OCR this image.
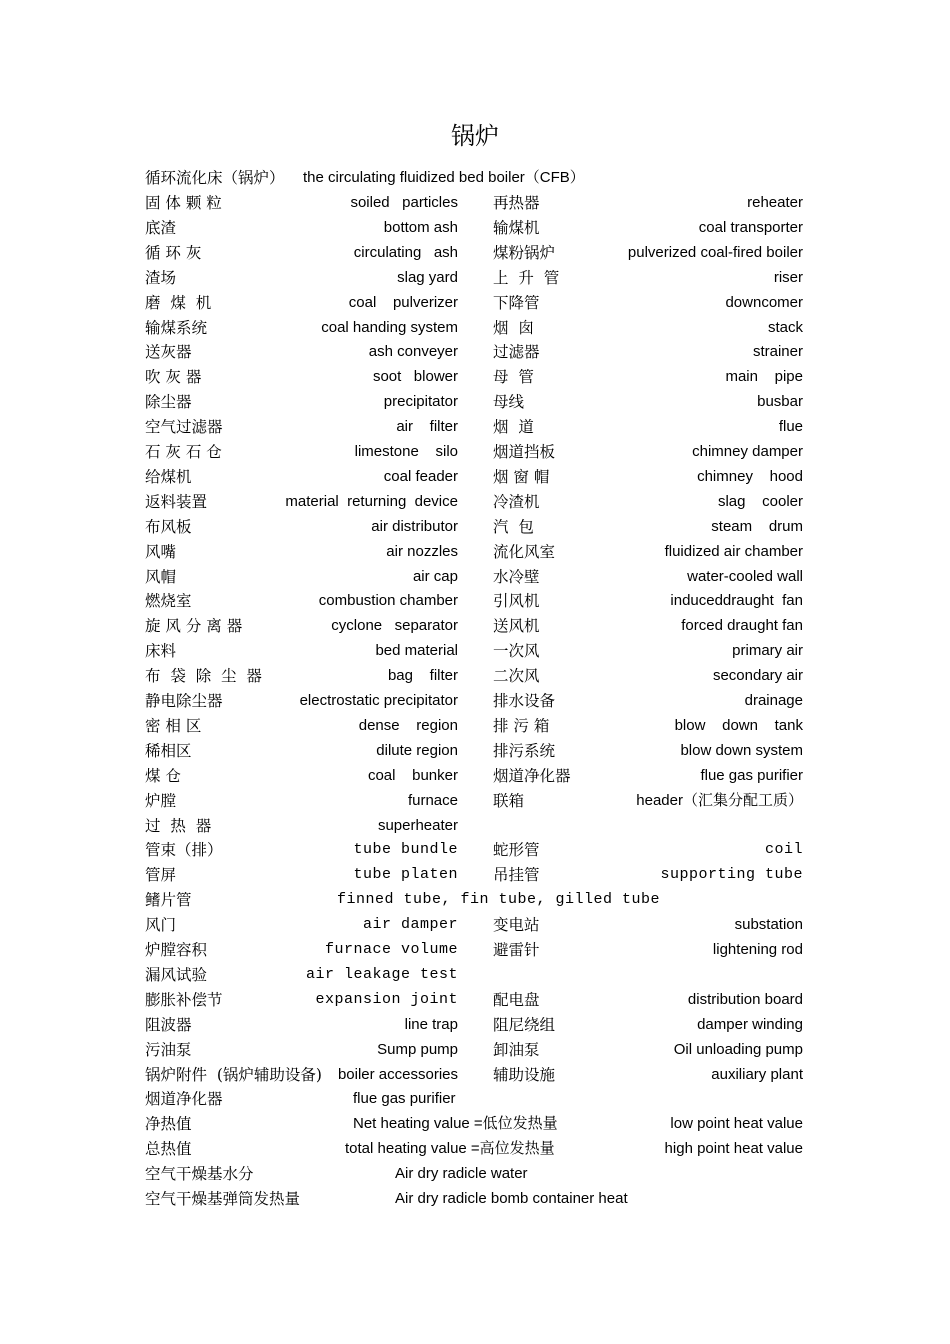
锅炉
循环流化床（锅炉） the circulating fluidized bed boiler（CFB）
固 体 颗 粒	soiled   particles 再热器	reheater
底渣	bottom ash 输煤机	coal transporter
循 环 灰	circulating   ash 煤粉锅炉	pulverized coal-fired boiler
渣场	slag yard 上  升  管	riser
磨  煤  机	coal    pulverizer 下降管	downcomer
输煤系统	coal handing system 烟  囱	stack
送灰器	ash conveyer 过滤器	strainer
吹 灰 器	soot   blower 母  管	main    pipe
除尘器	precipitator 母线	busbar
空气过滤器	air    filter 烟  道	flue
石 灰 石 仓	limestone    silo 烟道挡板	chimney damper
给煤机	coal feader 烟 窗 帽	chimney    hood
返料装置	material  returning  device 冷渣机	slag    cooler
布风板	air distributor 汽  包	steam    drum
风嘴	air nozzles 流化风室	fluidized air chamber
风帽	air cap 水冷壁	water-cooled wall
燃烧室	combustion chamber 引风机	induceddraught  fan
旋 风 分 离 器	cyclone   separator 送风机	forced draught fan
床料	bed material 一次风	primary air
布  袋  除  尘  器	bag    filter 二次风	secondary air
静电除尘器	electrostatic precipitator 排水设备	drainage
密 相 区	dense    region 排 污 箱	blow    down    tank
稀相区	dilute region 排污系统	blow down system
煤 仓	coal    bunker 烟道净化器	flue gas purifier
炉膛	furnace 联箱	header（汇集分配工质）
过  热  器	superheater
管束（排）	tube bundle 蛇形管	coil
管屏	tube platen 吊挂管	supporting tube
鳍片管	finned tube, fin tube, gilled tube
风门	air damper 变电站	substation
炉膛容积	furnace volume 避雷针	lightening rod
漏风试验	air leakage test
膨胀补偿节	expansion joint 配电盘	distribution board
阻波器	line trap 阻尼绕组	damper winding
污油泵	Sump pump 卸油泵	Oil unloading pump
锅炉附件  (锅炉辅助设备) boiler accessories 辅助设施	auxiliary plant
烟道净化器	flue gas purifier
净热值	Net heating value =低位发热量	low point heat value
总热值	total heating value =高位发热量	high point heat value
空气干燥基水分	Air dry radicle water
空气干燥基弹筒发热量	Air dry radicle bomb container heat
